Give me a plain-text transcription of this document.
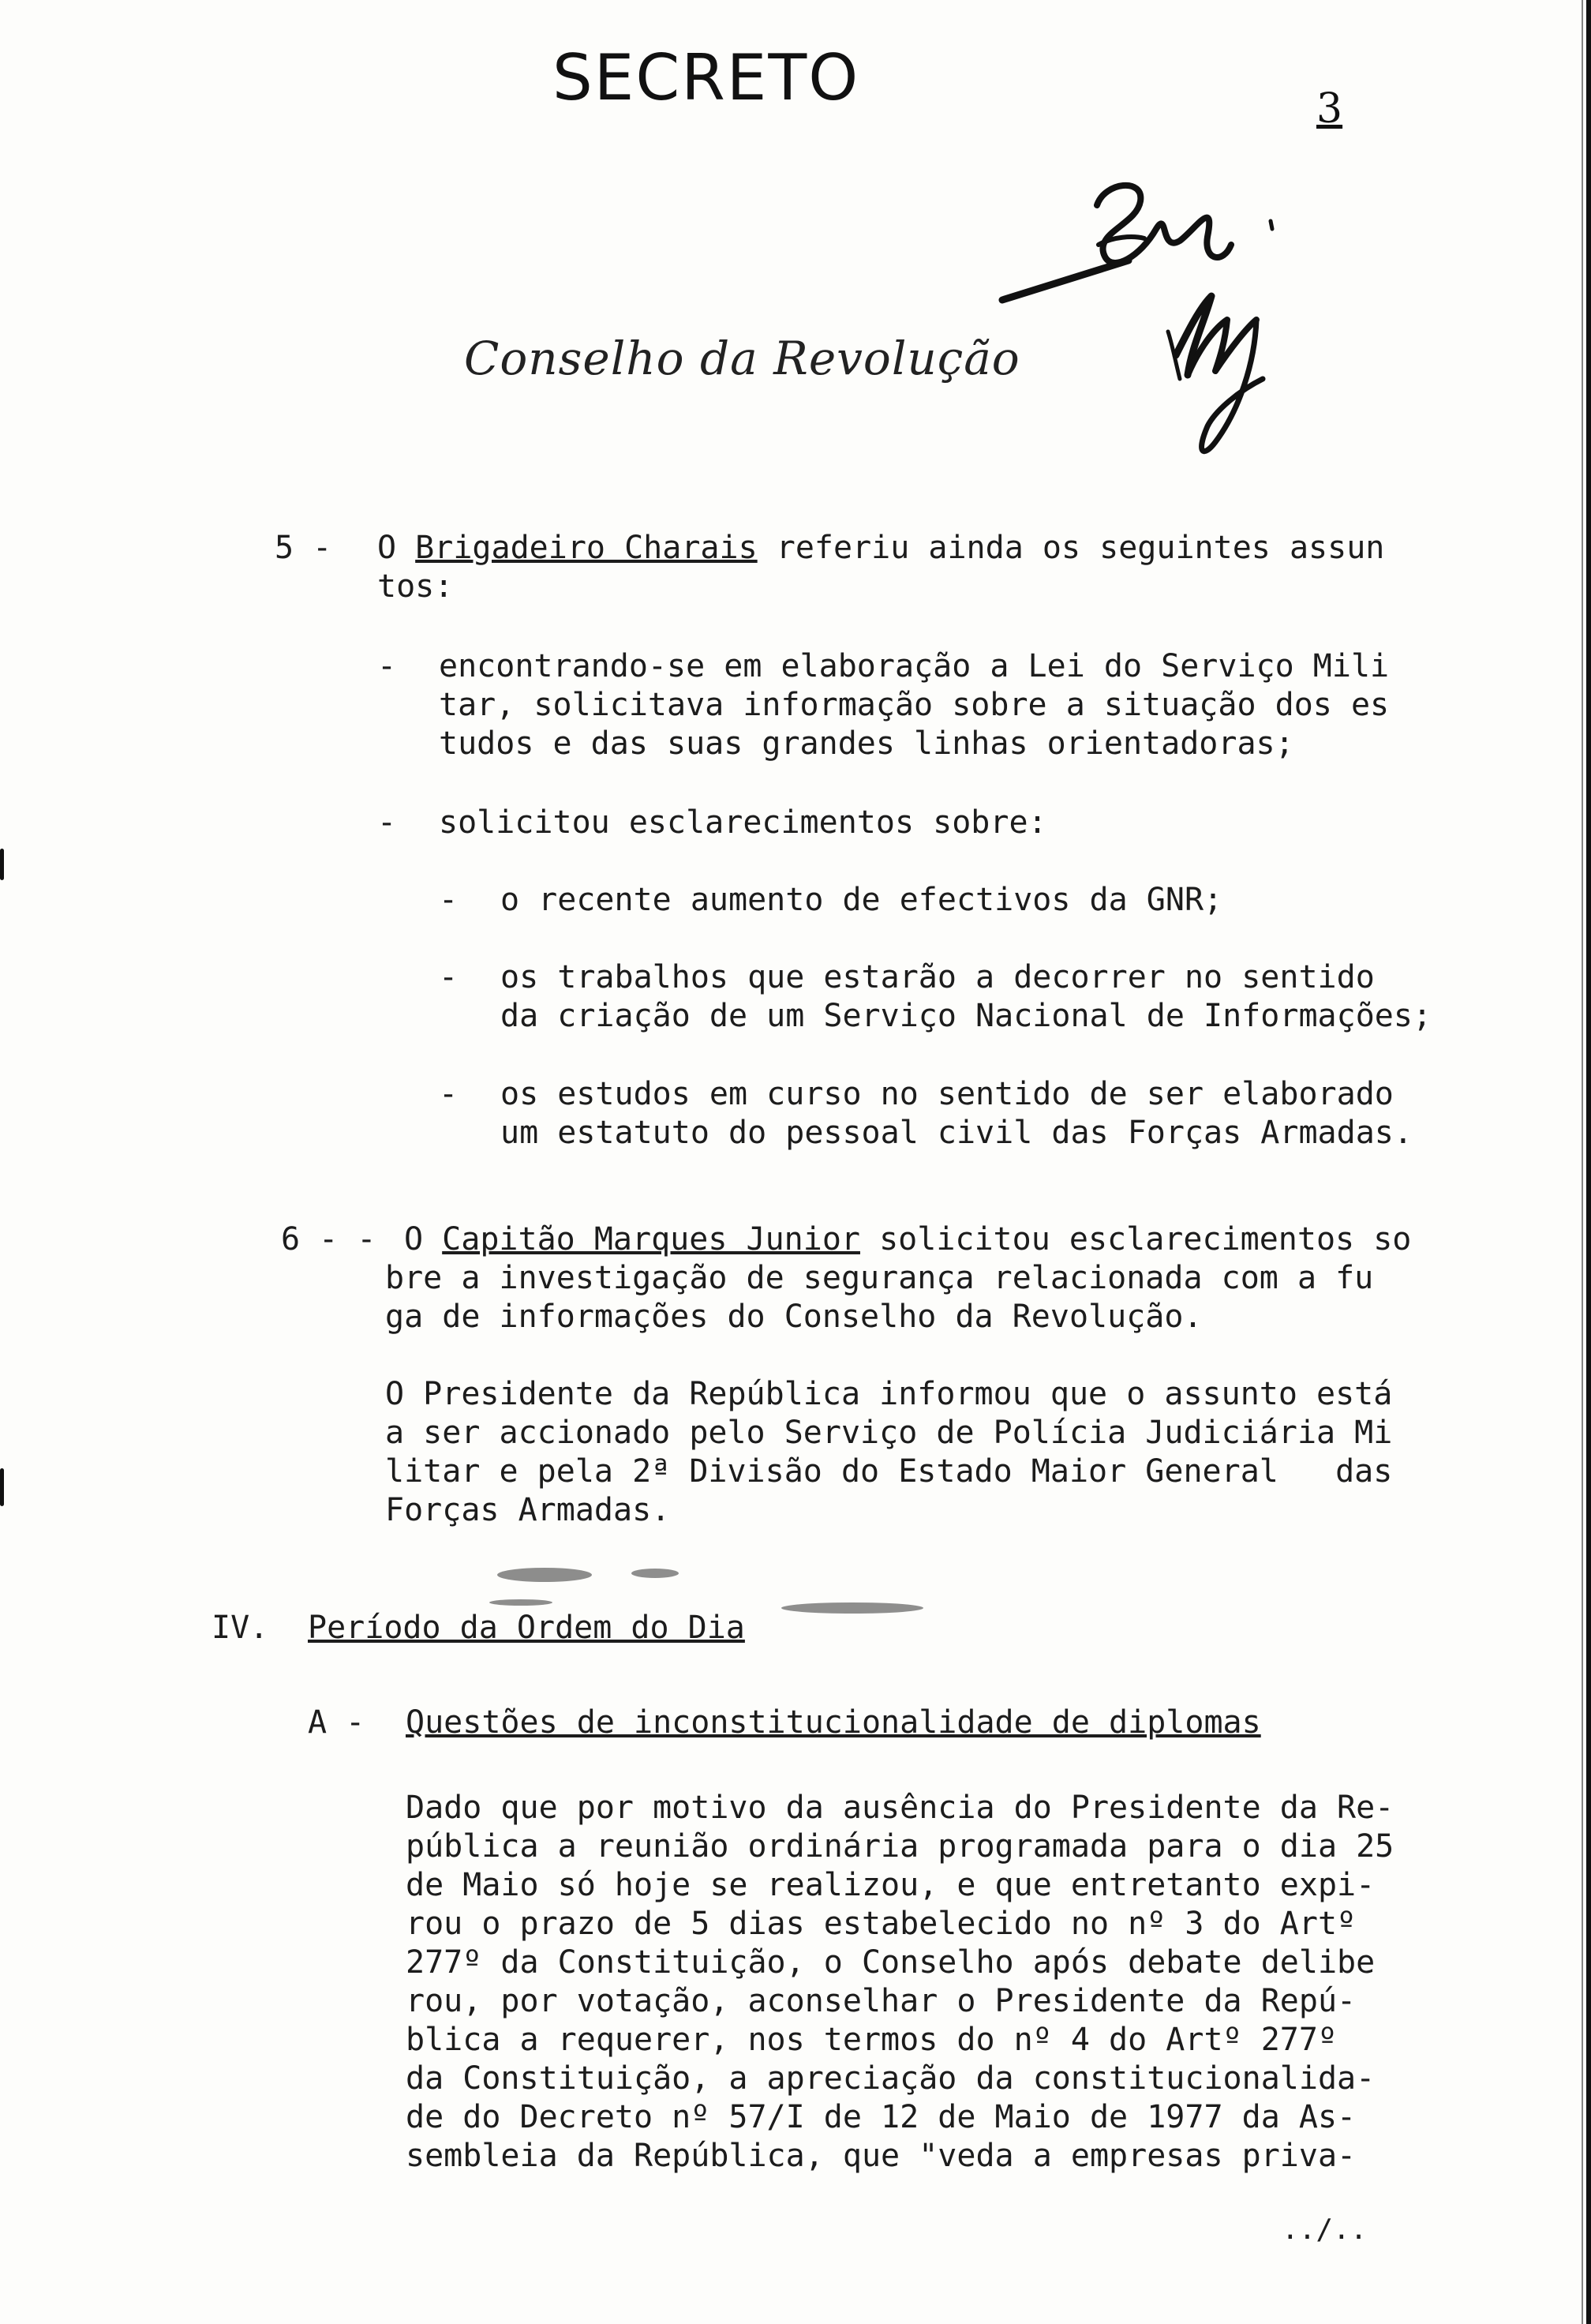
SECRETO	3
Conselho da Revolução
5 - O Brigadeiro Charais referiu ainda os seguintes assun
tos:
- encontrando-se em elaboração a Lei do Serviço Mili
tar, solicitava informação sobre a situação dos es
tudos e das suas grandes linhas orientadoras;
- solicitou esclarecimentos sobre:
- o recente aumento de efectivos da GNR;
- os trabalhos que estarão a decorrer no sentido
da criação de um Serviço Nacional de Informações;
- os estudos em curso no sentido de ser elaborado
um estatuto do pessoal civil das Forças Armadas.
6 - - O Capitão Marques Junior solicitou esclarecimentos so
bre a investigação de segurança relacionada com a fu
ga de informações do Conselho da Revolução.
O Presidente da República informou que o assunto está
a ser accionado pelo Serviço de Polícia Judiciária Mi
litar e pela 2ª Divisão do Estado Maior General   das
Forças Armadas.
IV. Período da Ordem do Dia
A - Questões de inconstitucionalidade de diplomas
Dado que por motivo da ausência do Presidente da Re-
pública a reunião ordinária programada para o dia 25
de Maio só hoje se realizou, e que entretanto expi-
rou o prazo de 5 dias estabelecido no nº 3 do Artº
277º da Constituição, o Conselho após debate delibe
rou, por votação, aconselhar o Presidente da Repú-
blica a requerer, nos termos do nº 4 do Artº 277º
da Constituição, a apreciação da constitucionalida-
de do Decreto nº 57/I de 12 de Maio de 1977 da As-
sembleia da República, que "veda a empresas priva-
../..
